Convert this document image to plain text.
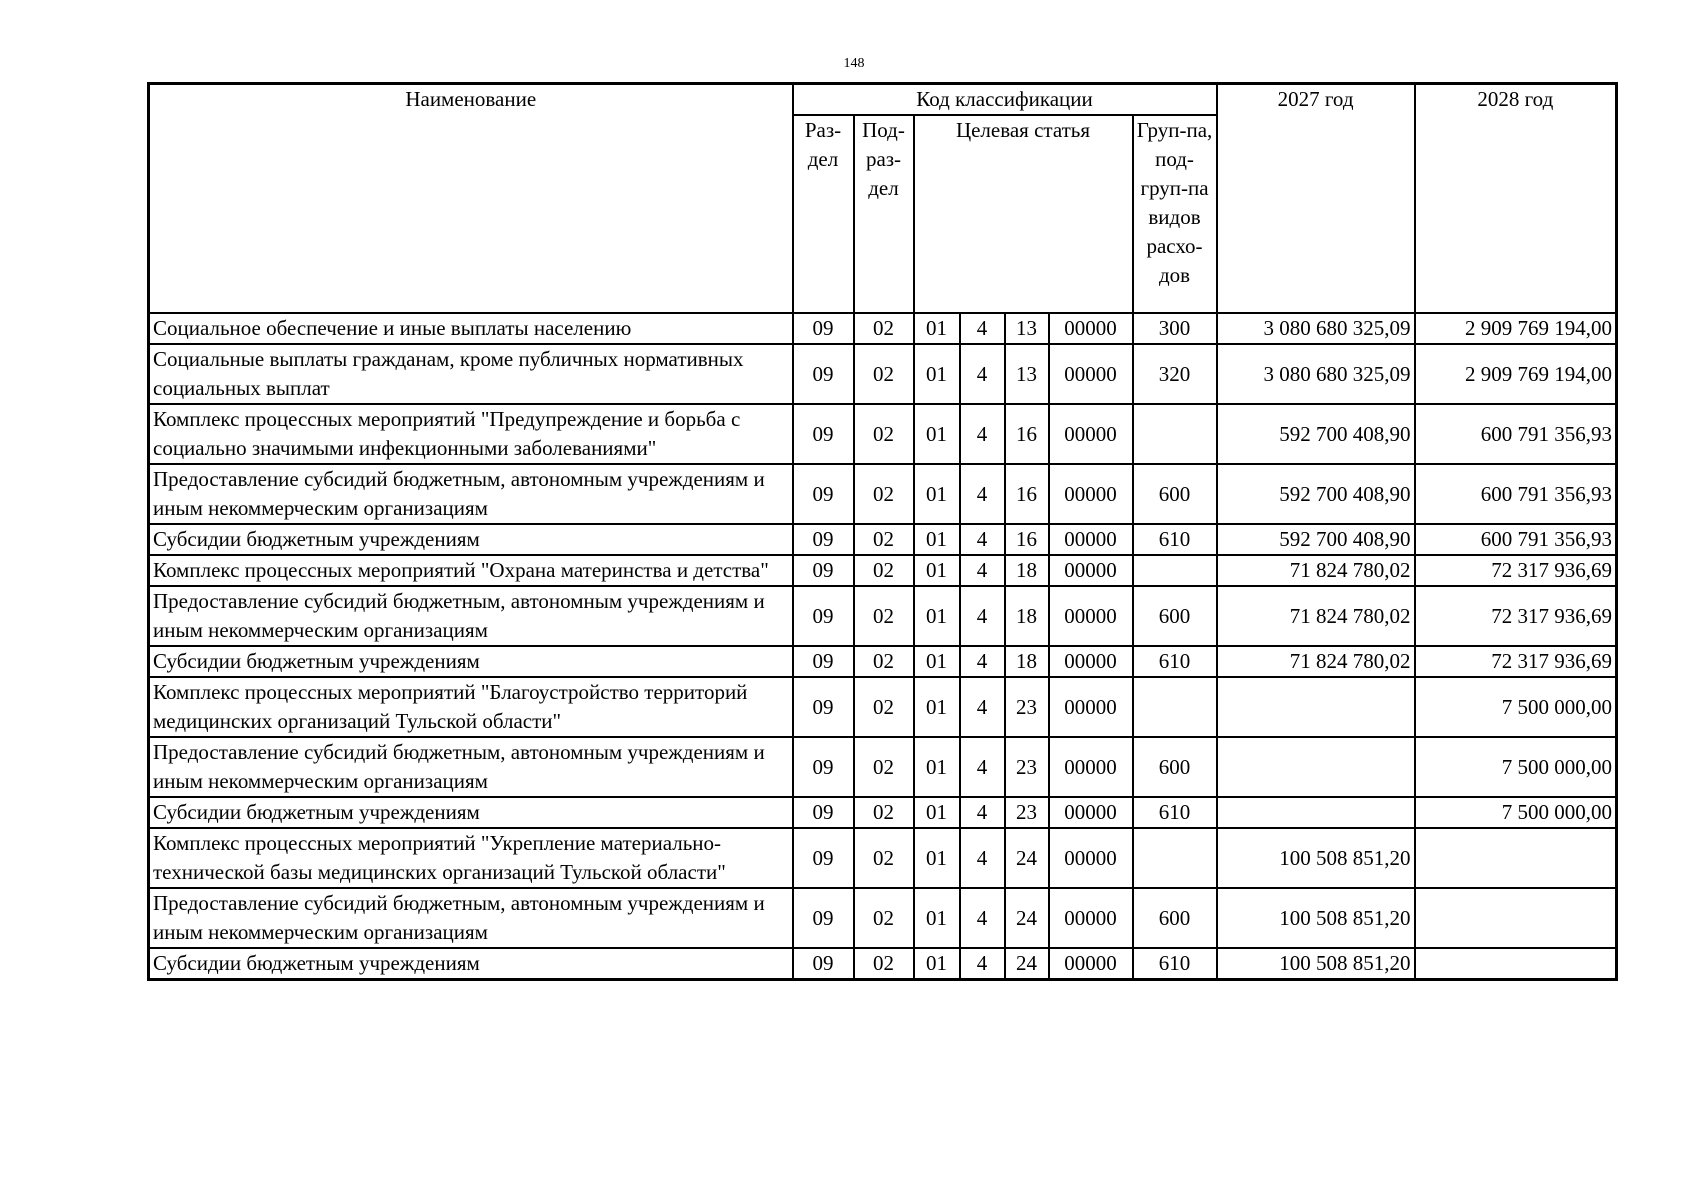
148
Наименование	Код классификации							2027 год	2028 год
	Раз-дел	Под-раз-дел	Целевая статья				Груп-па, под-груп-па видов расхо-дов		
Социальное обеспечение и иные выплаты населению	09	02	01	4	13	00000	300	3 080 680 325,09	2 909 769 194,00
Социальные выплаты гражданам, кроме публичных нормативных социальных выплат	09	02	01	4	13	00000	320	3 080 680 325,09	2 909 769 194,00
Комплекс процессных мероприятий "Предупреждение и борьба с социально значимыми инфекционными заболеваниями"	09	02	01	4	16	00000		592 700 408,90	600 791 356,93
Предоставление субсидий бюджетным, автономным учреждениям и иным некоммерческим организациям	09	02	01	4	16	00000	600	592 700 408,90	600 791 356,93
Субсидии бюджетным учреждениям	09	02	01	4	16	00000	610	592 700 408,90	600 791 356,93
Комплекс процессных мероприятий "Охрана материнства и детства"	09	02	01	4	18	00000		71 824 780,02	72 317 936,69
Предоставление субсидий бюджетным, автономным учреждениям и иным некоммерческим организациям	09	02	01	4	18	00000	600	71 824 780,02	72 317 936,69
Субсидии бюджетным учреждениям	09	02	01	4	18	00000	610	71 824 780,02	72 317 936,69
Комплекс процессных мероприятий "Благоустройство территорий медицинских организаций Тульской области"	09	02	01	4	23	00000			7 500 000,00
Предоставление субсидий бюджетным, автономным учреждениям и иным некоммерческим организациям	09	02	01	4	23	00000	600		7 500 000,00
Субсидии бюджетным учреждениям	09	02	01	4	23	00000	610		7 500 000,00
Комплекс процессных мероприятий "Укрепление материально-технической базы медицинских организаций Тульской области"	09	02	01	4	24	00000		100 508 851,20	
Предоставление субсидий бюджетным, автономным учреждениям и иным некоммерческим организациям	09	02	01	4	24	00000	600	100 508 851,20	
Субсидии бюджетным учреждениям	09	02	01	4	24	00000	610	100 508 851,20	
